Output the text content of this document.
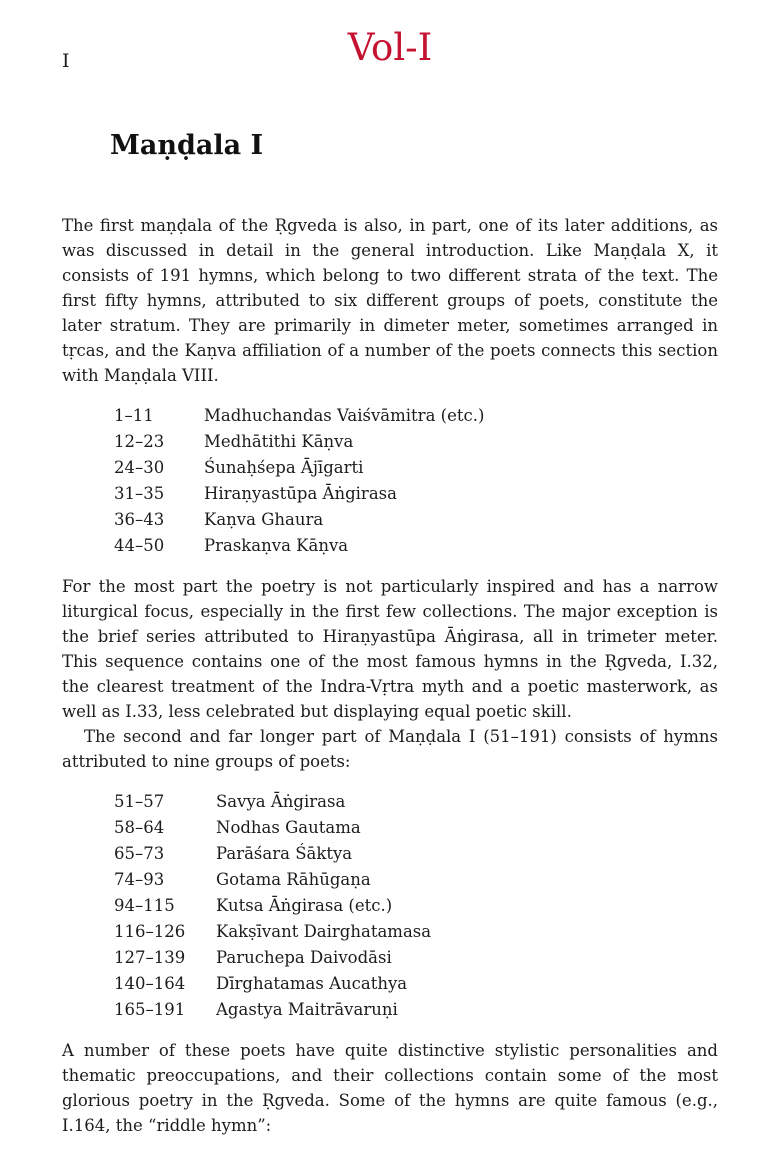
I	Vol-I
Maṇḍala I

The first maṇḍala of the Ṛgveda is also, in part, one of its later additions, as was discussed in detail in the general introduction. Like Maṇḍala X, it consists of 191 hymns, which belong to two different strata of the text. The first fifty hymns, attributed to six different groups of poets, constitute the later stratum. They are primarily in dimeter meter, sometimes arranged in tṛcas, and the Kaṇva affiliation of a number of the poets connects this section with Maṇḍala VIII.

1–11	Madhuchandas Vaiśvāmitra (etc.)
12–23	Medhātithi Kāṇva
24–30	Śunaḥśepa Ājīgarti
31–35	Hiraṇyastūpa Āṅgirasa
36–43	Kaṇva Ghaura
44–50	Praskaṇva Kāṇva

For the most part the poetry is not particularly inspired and has a narrow liturgical focus, especially in the first few collections. The major exception is the brief series attributed to Hiraṇyastūpa Āṅgirasa, all in trimeter meter. This sequence contains one of the most famous hymns in the Ṛgveda, I.32, the clearest treatment of the Indra-Vṛtra myth and a poetic masterwork, as well as I.33, less celebrated but displaying equal poetic skill.

The second and far longer part of Maṇḍala I (51–191) consists of hymns attributed to nine groups of poets:

51–57	Savya Āṅgirasa
58–64	Nodhas Gautama
65–73	Parāśara Śāktya
74–93	Gotama Rāhūgaṇa
94–115	Kutsa Āṅgirasa (etc.)
116–126	Kakṣīvant Dairghatamasa
127–139	Paruchepa Daivodāsi
140–164	Dīrghatamas Aucathya
165–191	Agastya Maitrāvaruṇi

A number of these poets have quite distinctive stylistic personalities and thematic preoccupations, and their collections contain some of the most glorious poetry in the Ṛgveda. Some of the hymns are quite famous (e.g., I.164, the “riddle hymn”:
